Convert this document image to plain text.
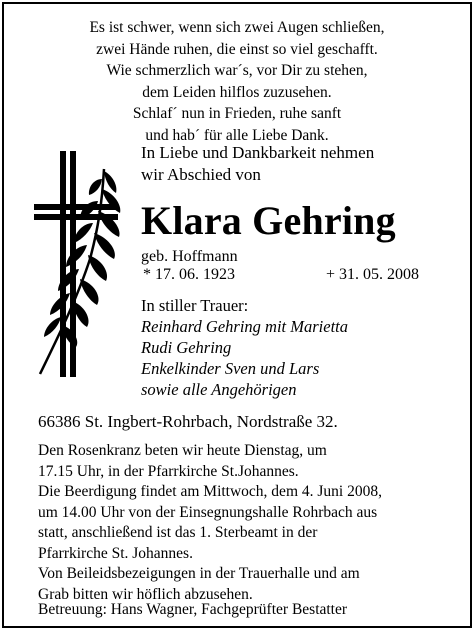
Es ist schwer, wenn sich zwei Augen schließen,
zwei Hände ruhen, die einst so viel geschafft.
Wie schmerzlich war´s, vor Dir zu stehen,
dem Leiden hilflos zuzusehen.
Schlaf´ nun in Frieden, ruhe sanft
und hab´ für alle Liebe Dank.
In Liebe und Dankbarkeit nehmen
wir Abschied von
Klara Gehring
geb. Hoffmann
* 17. 06. 1923	+ 31. 05. 2008
In stiller Trauer:
Reinhard Gehring mit Marietta
Rudi Gehring
Enkelkinder Sven und Lars
sowie alle Angehörigen
66386 St. Ingbert-Rohrbach, Nordstraße 32.
Den Rosenkranz beten wir heute Dienstag, um
17.15 Uhr, in der Pfarrkirche St.Johannes.
Die Beerdigung findet am Mittwoch, dem 4. Juni 2008,
um 14.00 Uhr von der Einsegnungshalle Rohrbach aus
statt, anschließend ist das 1. Sterbeamt in der
Pfarrkirche St. Johannes.
Von Beileidsbezeigungen in der Trauerhalle und am
Grab bitten wir höflich abzusehen.
Betreuung: Hans Wagner, Fachgeprüfter Bestatter
